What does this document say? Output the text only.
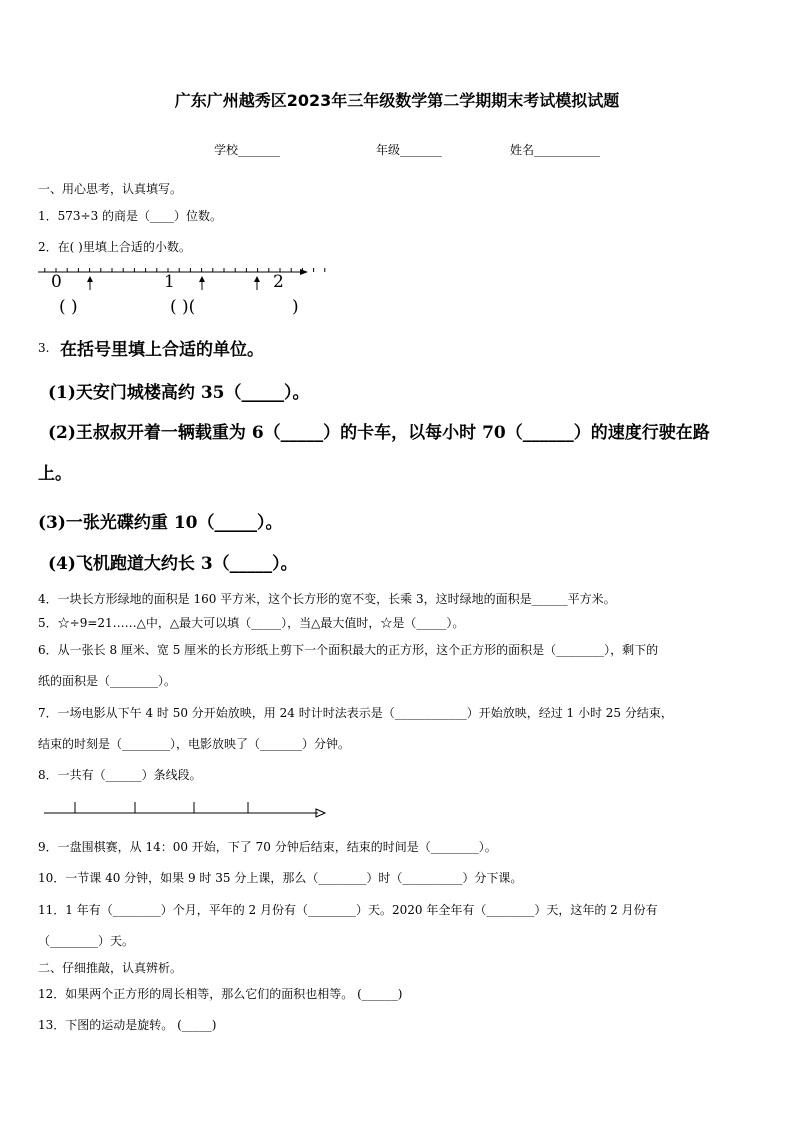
广东广州越秀区2023年三年级数学第二学期期末考试模拟试题
学校_______	年级_______	姓名___________
一、用心思考，认真填写。
1．573÷3 的商是（____）位数。
2．在( )里填上合适的小数。
0	1	2
( )	( )(	)
3. 在括号里填上合适的单位。
(1)天安门城楼高约 35（_____）。
(2)王叔叔开着一辆载重为 6（_____）的卡车，以每小时 70（______）的速度行驶在路
上。
(3)一张光碟约重 10（_____）。
(4)飞机跑道大约长 3（_____）。
4．一块长方形绿地的面积是 160 平方米，这个长方形的宽不变，长乘 3，这时绿地的面积是______平方米。
5．☆÷9=21……△中，△最大可以填（_____），当△最大值时，☆是（_____）。
6．从一张长 8 厘米、宽 5 厘米的长方形纸上剪下一个面积最大的正方形，这个正方形的面积是（________），剩下的
纸的面积是（________）。
7．一场电影从下午 4 时 50 分开始放映，用 24 时计时法表示是（____________）开始放映，经过 1 小时 25 分结束，
结束的时刻是（________），电影放映了（_______）分钟。
8．一共有（______）条线段。
9．一盘围棋赛，从 14：00 开始，下了 70 分钟后结束，结束的时间是（________）。
10．一节课 40 分钟，如果 9 时 35 分上课，那么（________）时（__________）分下课。
11．1 年有（________）个月，平年的 2 月份有（________）天。2020 年全年有（________）天，这年的 2 月份有
（________）天。
二、仔细推敲，认真辨析。
12．如果两个正方形的周长相等，那么它们的面积也相等。 (______)
13．下图的运动是旋转。 (_____)
